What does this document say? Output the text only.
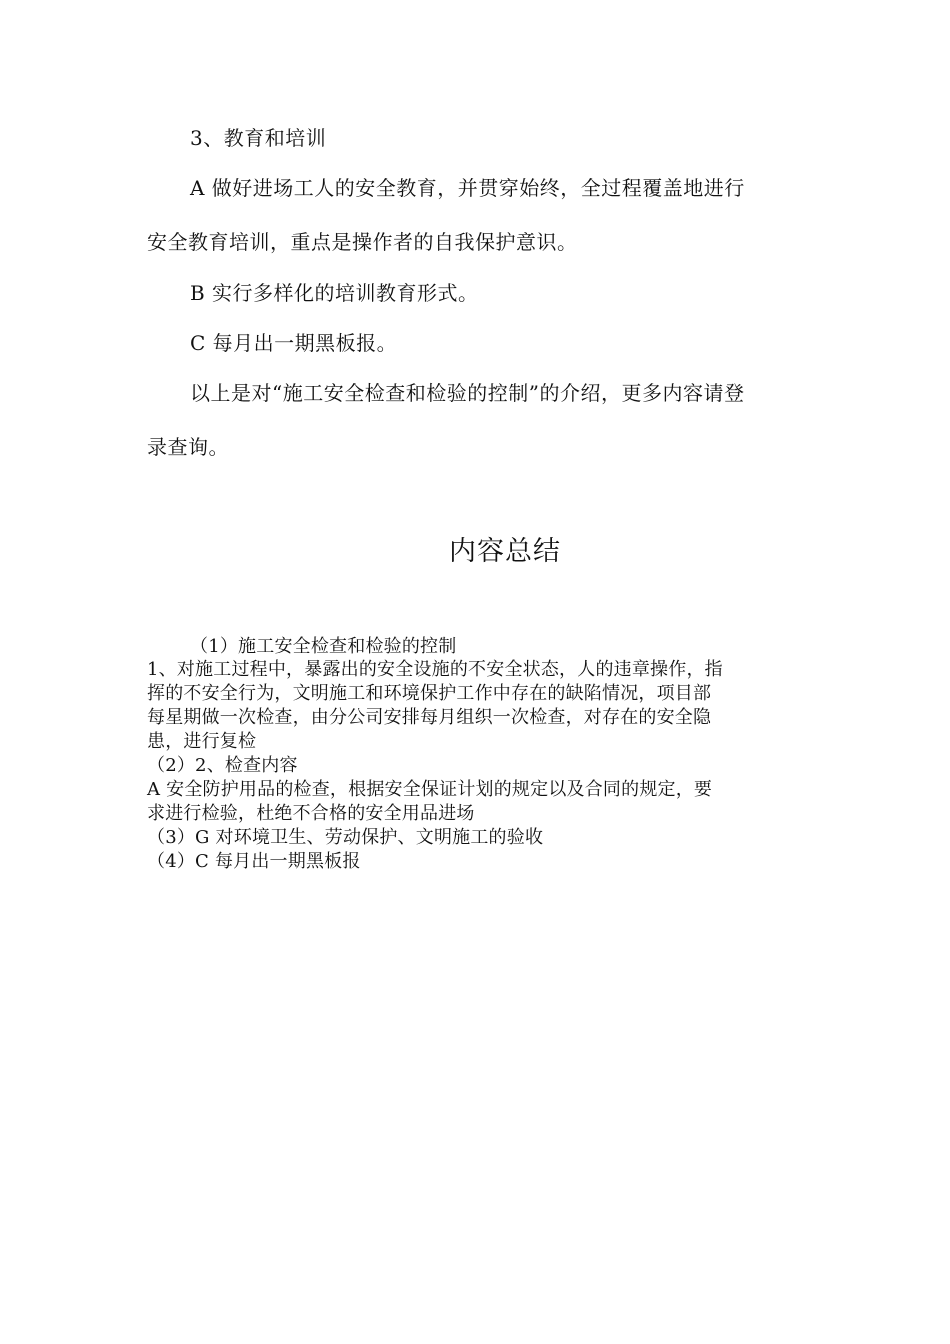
3、教育和培训
A 做好进场工人的安全教育，并贯穿始终，全过程覆盖地进行
安全教育培训，重点是操作者的自我保护意识。
B 实行多样化的培训教育形式。
C 每月出一期黑板报。
以上是对“施工安全检查和检验的控制”的介绍，更多内容请登
录查询。
内容总结
（1）施工安全检查和检验的控制
1、对施工过程中，暴露出的安全设施的不安全状态，人的违章操作，指
挥的不安全行为，文明施工和环境保护工作中存在的缺陷情况，项目部
每星期做一次检查，由分公司安排每月组织一次检查，对存在的安全隐
患，进行复检
（2）2、检查内容
A 安全防护用品的检查，根据安全保证计划的规定以及合同的规定，要
求进行检验，杜绝不合格的安全用品进场
（3）G 对环境卫生、劳动保护、文明施工的验收
（4）C 每月出一期黑板报
